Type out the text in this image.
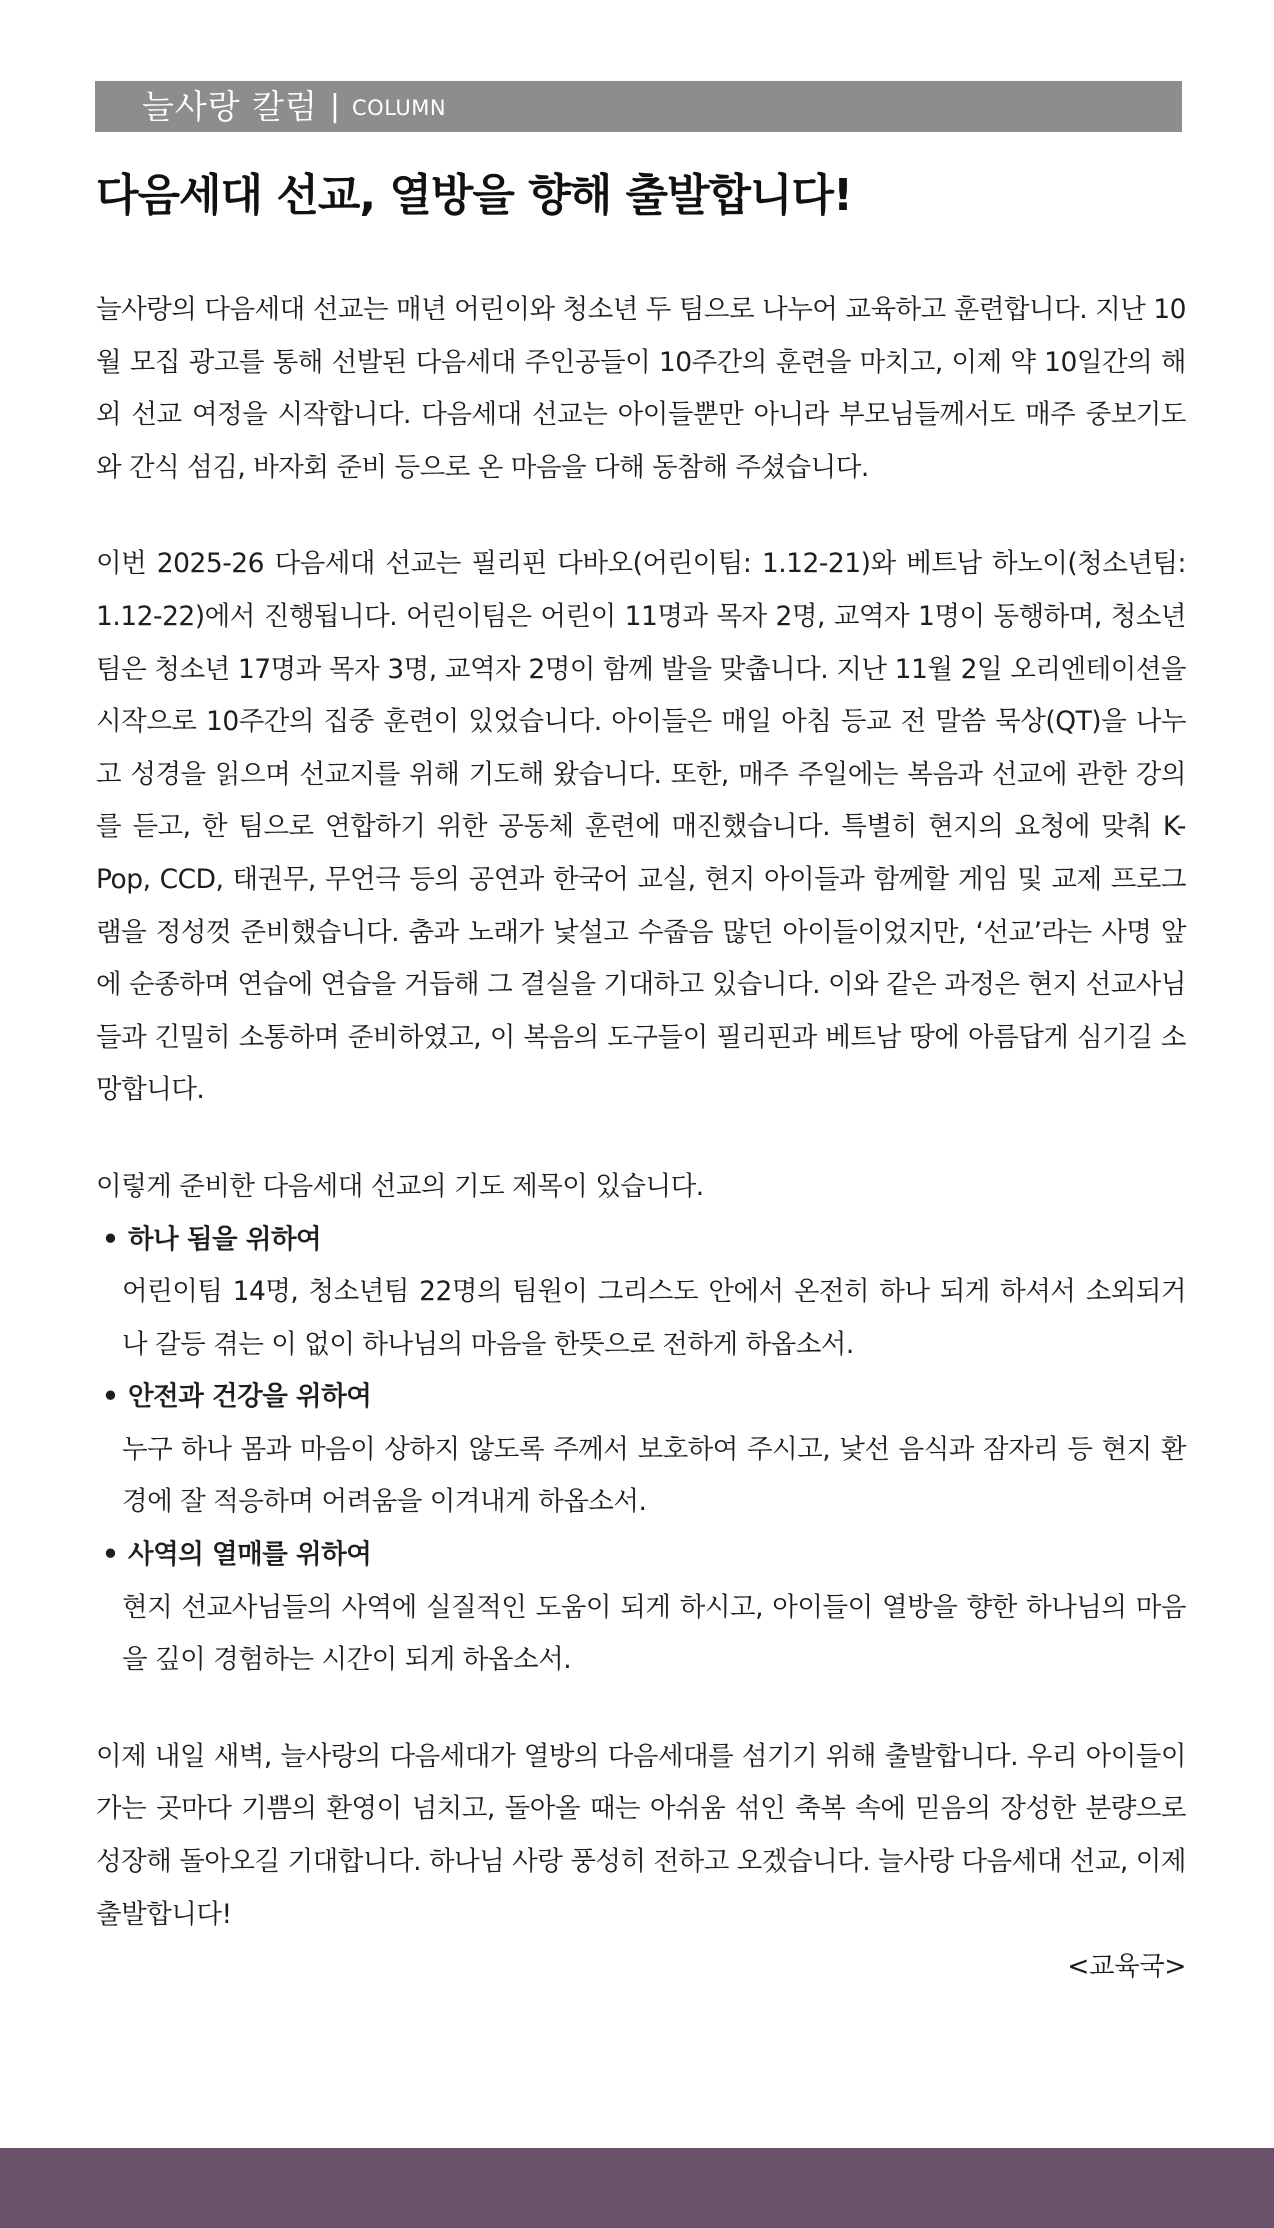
늘사랑 칼럼 | COLUMN
다음세대 선교, 열방을 향해 출발합니다!

늘사랑의 다음세대 선교는 매년 어린이와 청소년 두 팀으로 나누어 교육하고 훈련합니다. 지난 10월 모집 광고를 통해 선발된 다음세대 주인공들이 10주간의 훈련을 마치고, 이제 약 10일간의 해외 선교 여정을 시작합니다. 다음세대 선교는 아이들뿐만 아니라 부모님들께서도 매주 중보기도와 간식 섬김, 바자회 준비 등으로 온 마음을 다해 동참해 주셨습니다.

이번 2025-26 다음세대 선교는 필리핀 다바오(어린이팀: 1.12-21)와 베트남 하노이(청소년팀: 1.12-22)에서 진행됩니다. 어린이팀은 어린이 11명과 목자 2명, 교역자 1명이 동행하며, 청소년팀은 청소년 17명과 목자 3명, 교역자 2명이 함께 발을 맞춥니다. 지난 11월 2일 오리엔테이션을 시작으로 10주간의 집중 훈련이 있었습니다. 아이들은 매일 아침 등교 전 말씀 묵상(QT)을 나누고 성경을 읽으며 선교지를 위해 기도해 왔습니다. 또한, 매주 주일에는 복음과 선교에 관한 강의를 듣고, 한 팀으로 연합하기 위한 공동체 훈련에 매진했습니다. 특별히 현지의 요청에 맞춰 K-Pop, CCD, 태권무, 무언극 등의 공연과 한국어 교실, 현지 아이들과 함께할 게임 및 교제 프로그램을 정성껏 준비했습니다. 춤과 노래가 낯설고 수줍음 많던 아이들이었지만, ‘선교’라는 사명 앞에 순종하며 연습에 연습을 거듭해 그 결실을 기대하고 있습니다. 이와 같은 과정은 현지 선교사님들과 긴밀히 소통하며 준비하였고, 이 복음의 도구들이 필리핀과 베트남 땅에 아름답게 심기길 소망합니다.

이렇게 준비한 다음세대 선교의 기도 제목이 있습니다.

• 하나 됨을 위하여

어린이팀 14명, 청소년팀 22명의 팀원이 그리스도 안에서 온전히 하나 되게 하셔서 소외되거나 갈등 겪는 이 없이 하나님의 마음을 한뜻으로 전하게 하옵소서.

• 안전과 건강을 위하여

누구 하나 몸과 마음이 상하지 않도록 주께서 보호하여 주시고, 낯선 음식과 잠자리 등 현지 환경에 잘 적응하며 어려움을 이겨내게 하옵소서.

• 사역의 열매를 위하여

현지 선교사님들의 사역에 실질적인 도움이 되게 하시고, 아이들이 열방을 향한 하나님의 마음을 깊이 경험하는 시간이 되게 하옵소서.

이제 내일 새벽, 늘사랑의 다음세대가 열방의 다음세대를 섬기기 위해 출발합니다. 우리 아이들이 가는 곳마다 기쁨의 환영이 넘치고, 돌아올 때는 아쉬움 섞인 축복 속에 믿음의 장성한 분량으로 성장해 돌아오길 기대합니다. 하나님 사랑 풍성히 전하고 오겠습니다. 늘사랑 다음세대 선교, 이제 출발합니다!

<교육국>
